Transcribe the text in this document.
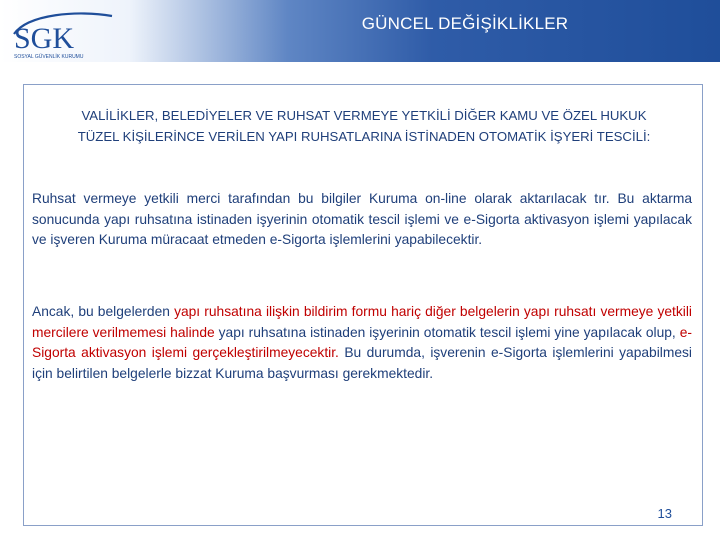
SGK
SOSYAL GÜVENLİK KURUMU
GÜNCEL DEĞİŞİKLİKLER
VALİLİKLER, BELEDİYELER VE RUHSAT VERMEYE YETKİLİ DİĞER KAMU VE ÖZEL HUKUK
TÜZEL KİŞİLERİNCE VERİLEN YAPI RUHSATLARINA İSTİNADEN OTOMATİK İŞYERİ TESCİLİ:
Ruhsat vermeye yetkili merci tarafından bu bilgiler Kuruma on-line olarak aktarılacak tır. Bu aktarma sonucunda yapı ruhsatına istinaden işyerinin otomatik tescil işlemi ve e-Sigorta aktivasyon işlemi yapılacak ve işveren Kuruma müracaat etmeden e-Sigorta işlemlerini yapabilecektir.
Ancak, bu belgelerden yapı ruhsatına ilişkin bildirim formu hariç diğer belgelerin yapı ruhsatı vermeye yetkili mercilere verilmemesi halinde yapı ruhsatına istinaden işyerinin otomatik tescil işlemi yine yapılacak olup, e-Sigorta aktivasyon işlemi gerçekleştirilmeyecektir. Bu durumda, işverenin e-Sigorta işlemlerini yapabilmesi için belirtilen belgelerle bizzat Kuruma başvurması gerekmektedir.
13
